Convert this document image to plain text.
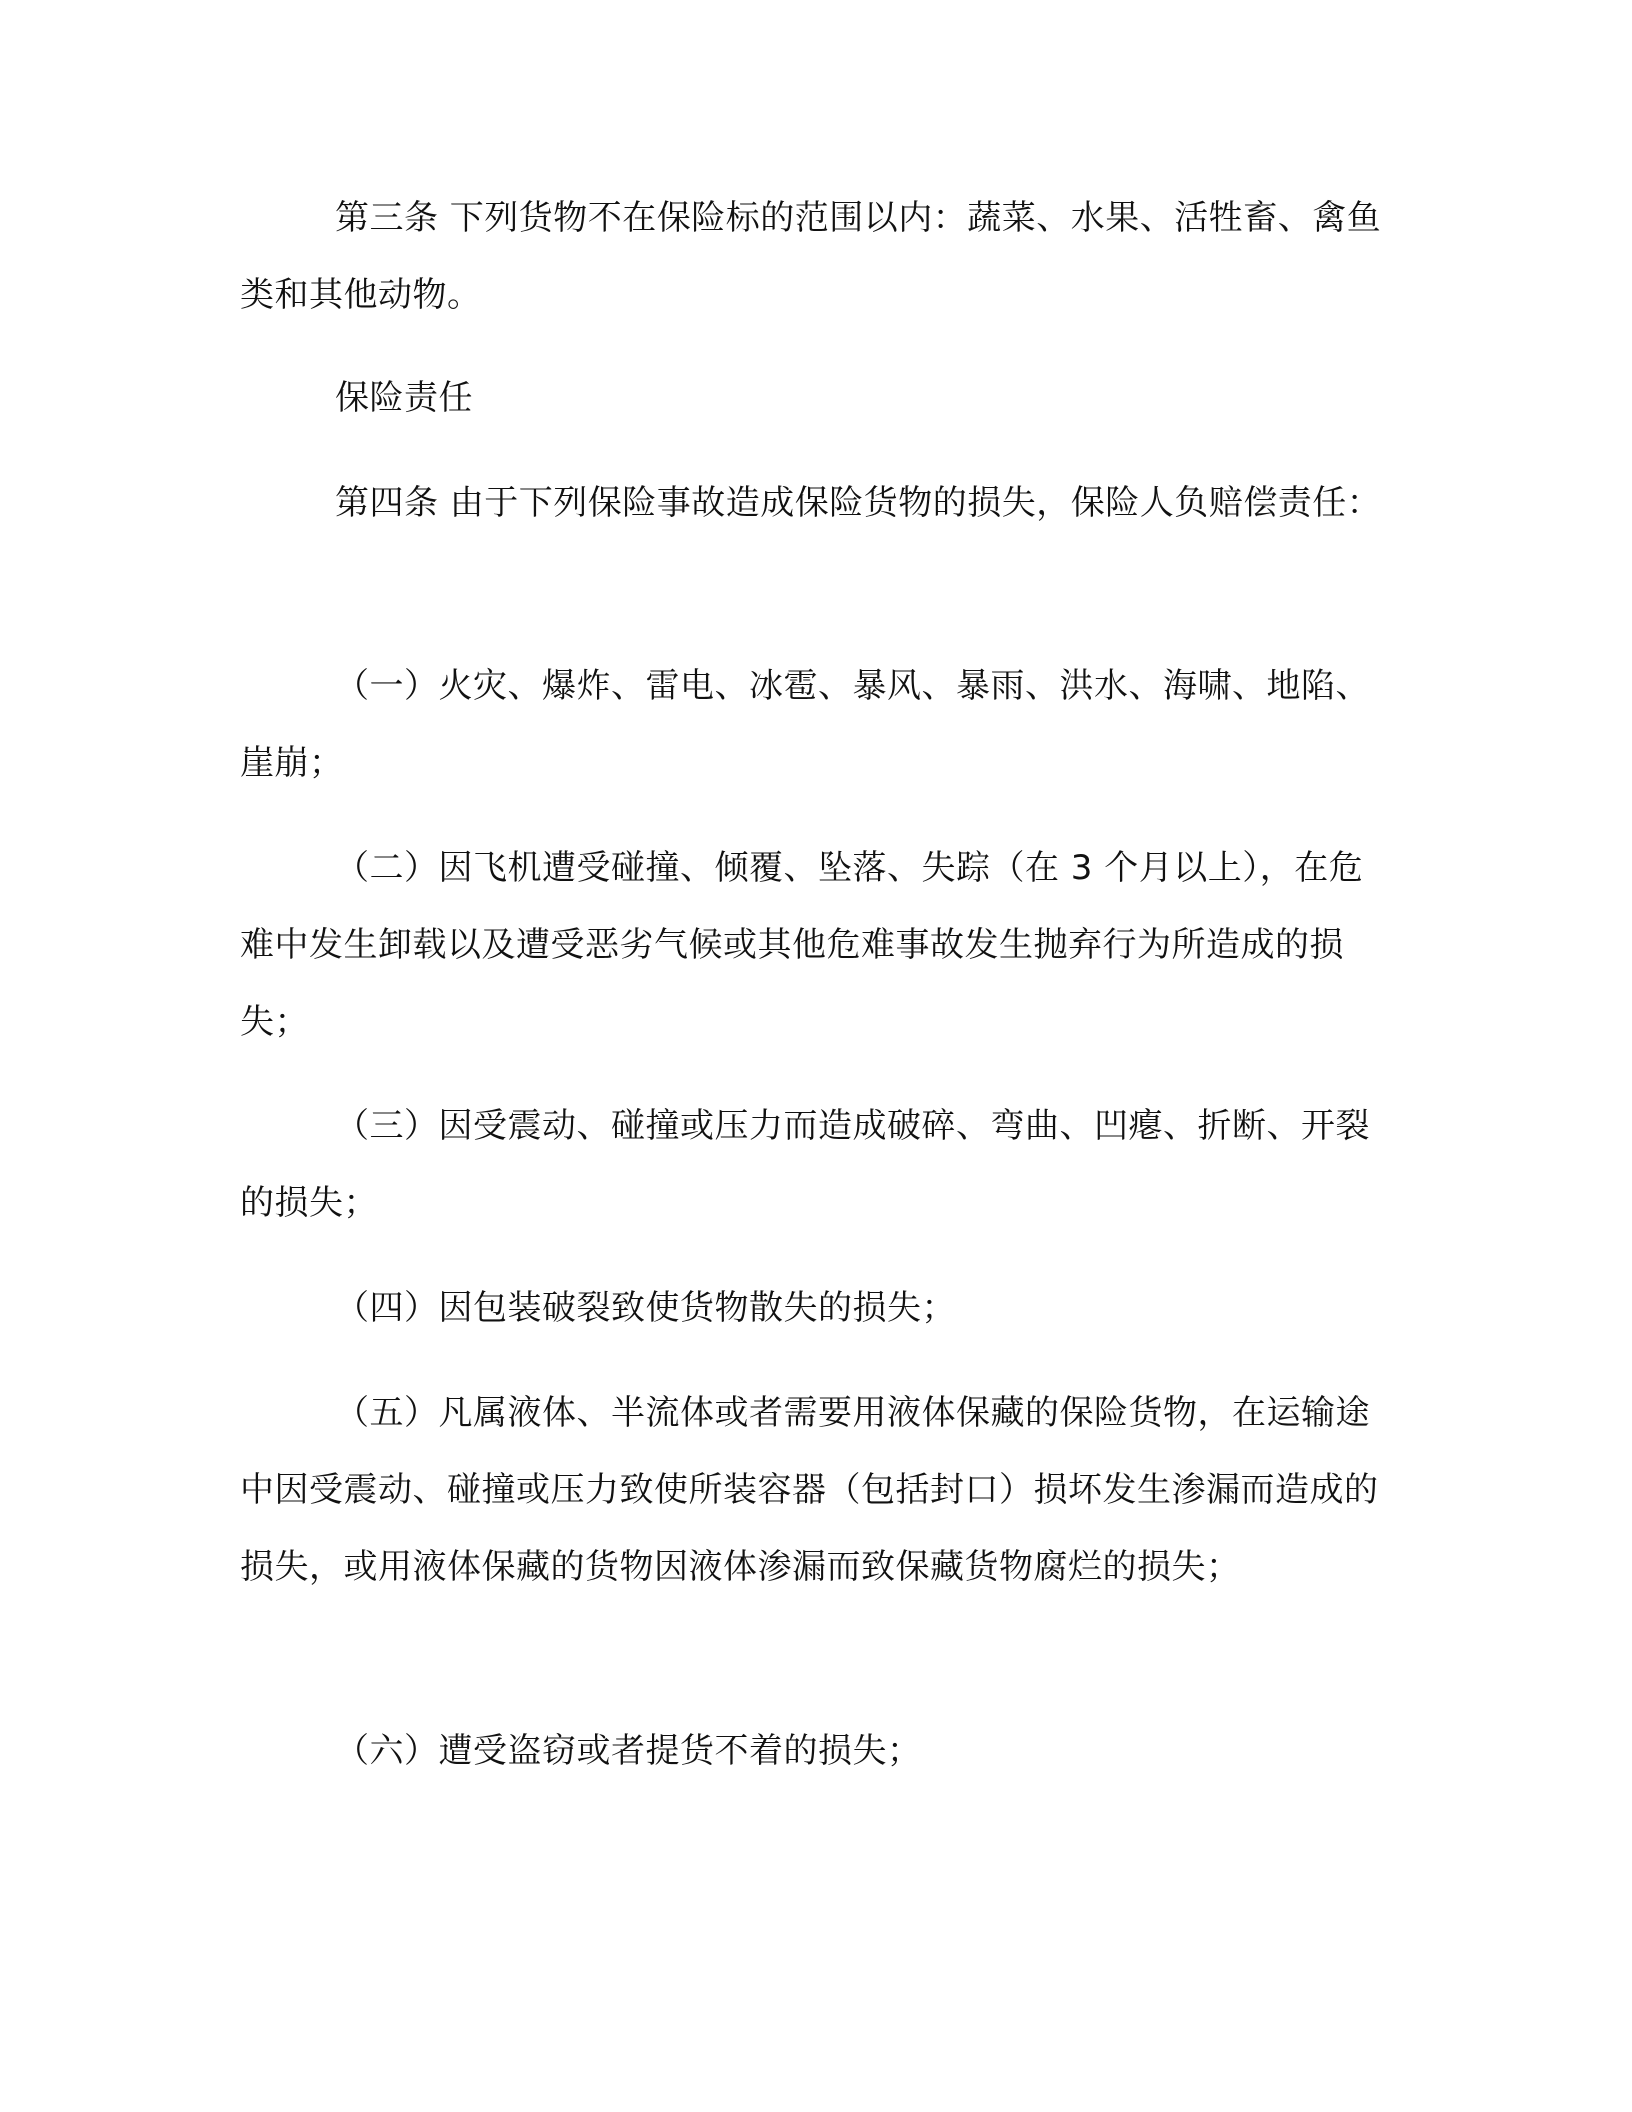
第三条 下列货物不在保险标的范围以内：蔬菜、水果、活牲畜、禽鱼类和其他动物。

保险责任

第四条 由于下列保险事故造成保险货物的损失，保险人负赔偿责任：

（一）火灾、爆炸、雷电、冰雹、暴风、暴雨、洪水、海啸、地陷、崖崩；

（二）因飞机遭受碰撞、倾覆、坠落、失踪（在 3 个月以上），在危难中发生卸载以及遭受恶劣气候或其他危难事故发生抛弃行为所造成的损失；

（三）因受震动、碰撞或压力而造成破碎、弯曲、凹瘪、折断、开裂的损失；

（四）因包装破裂致使货物散失的损失；

（五）凡属液体、半流体或者需要用液体保藏的保险货物，在运输途中因受震动、碰撞或压力致使所装容器（包括封口）损坏发生渗漏而造成的损失，或用液体保藏的货物因液体渗漏而致保藏货物腐烂的损失；

（六）遭受盗窃或者提货不着的损失；
